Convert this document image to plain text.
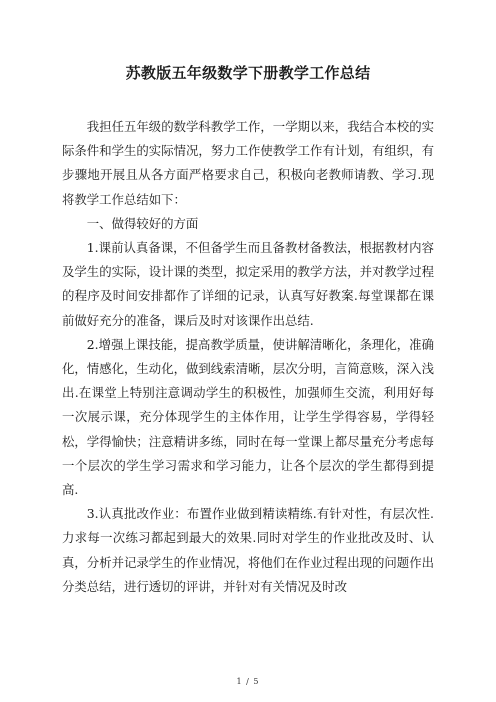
苏教版五年级数学下册教学工作总结

我担任五年级的数学科教学工作，一学期以来，我结合本校的实际条件和学生的实际情况，努力工作使教学工作有计划，有组织，有步骤地开展且从各方面严格要求自己，积极向老教师请教、学习.现将教学工作总结如下：

一、做得较好的方面

1.课前认真备课，不但备学生而且备教材备教法，根据教材内容及学生的实际，设计课的类型，拟定采用的教学方法，并对教学过程的程序及时间安排都作了详细的记录，认真写好教案.每堂课都在课前做好充分的准备，课后及时对该课作出总结.

2.增强上课技能，提高教学质量，使讲解清晰化，条理化，准确化，情感化，生动化，做到线索清晰，层次分明，言简意赅，深入浅出.在课堂上特别注意调动学生的积极性，加强师生交流，利用好每一次展示课，充分体现学生的主体作用，让学生学得容易，学得轻松，学得愉快；注意精讲多练，同时在每一堂课上都尽量充分考虑每一个层次的学生学习需求和学习能力，让各个层次的学生都得到提高.

3.认真批改作业：布置作业做到精读精练.有针对性，有层次性.力求每一次练习都起到最大的效果.同时对学生的作业批改及时、认真，分析并记录学生的作业情况，将他们在作业过程出现的问题作出分类总结，进行透切的评讲，并针对有关情况及时改

1 / 5
